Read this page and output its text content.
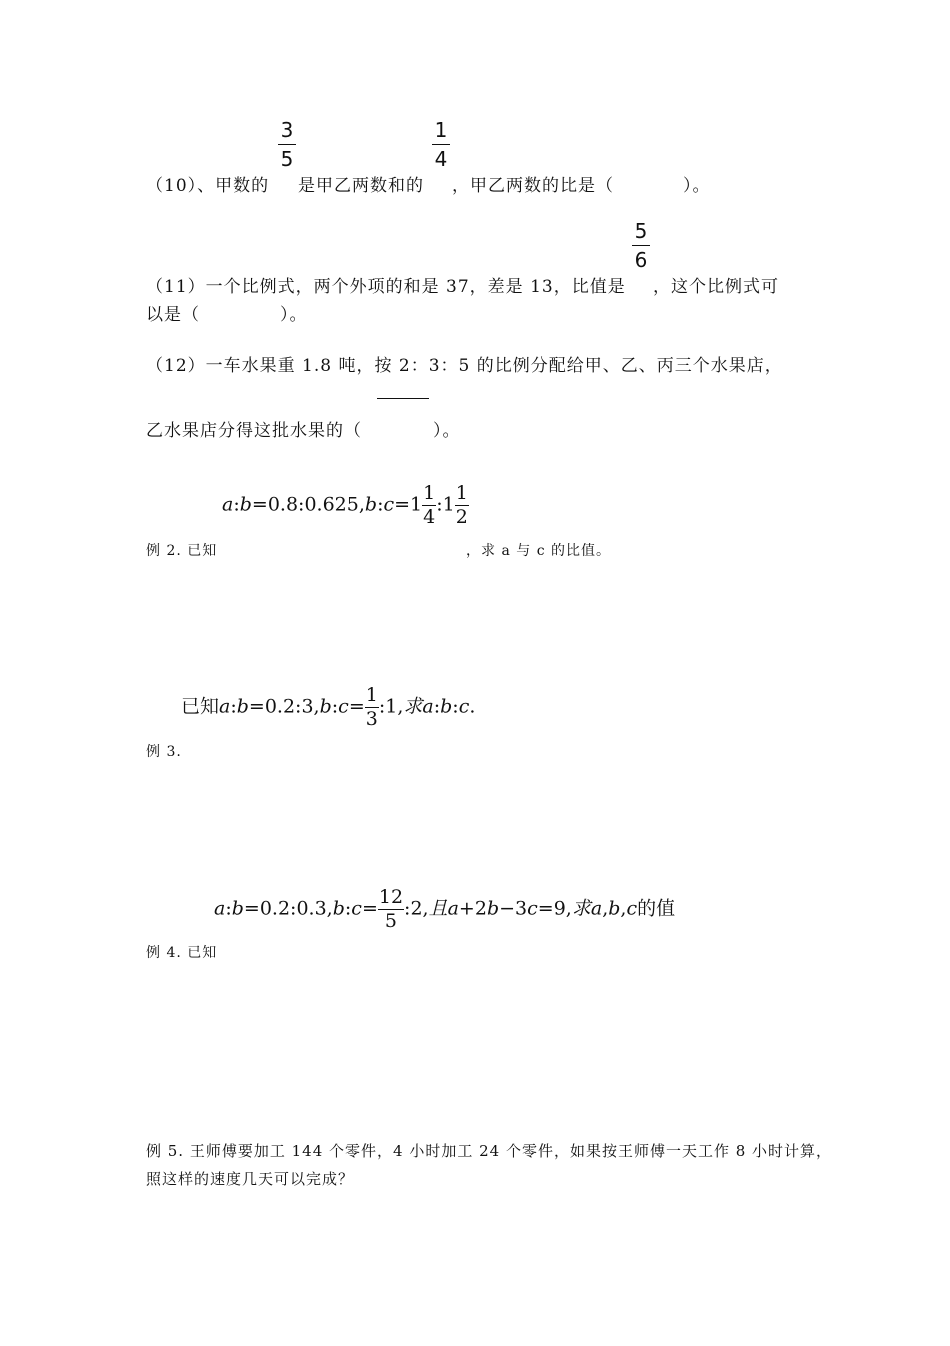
$\frac{3}{5}$	$\frac{1}{4}$
（10）、甲数的 是甲乙两数和的 ，甲乙两数的比是（	）。
$\frac{5}{6}$
（11）一个比例式，两个外项的和是 37，差是 13，比值是 ，这个比例式可
以是（	）。
（12）一车水果重 1.8 吨，按 2：3：5 的比例分配给甲、乙、丙三个水果店，
乙水果店分得这批水果的（	）。
a:b=0.8:0.625,b:c=1 $\frac{1}{4}$ :1 $\frac{1}{2}$
例 2. 已知	，求 a 与 c 的比值。
已知a:b=0.2:3,b:c= $\frac{1}{3}$ :1,求a:b:c.
例 3.
a:b=0.2:0.3,b:c= $\frac{12}{5}$ :2,且a+2b−3c=9,求a,b,c的值
例 4. 已知
例 5. 王师傅要加工 144 个零件，4 小时加工 24 个零件，如果按王师傅一天工作 8 小时计算，
照这样的速度几天可以完成？
